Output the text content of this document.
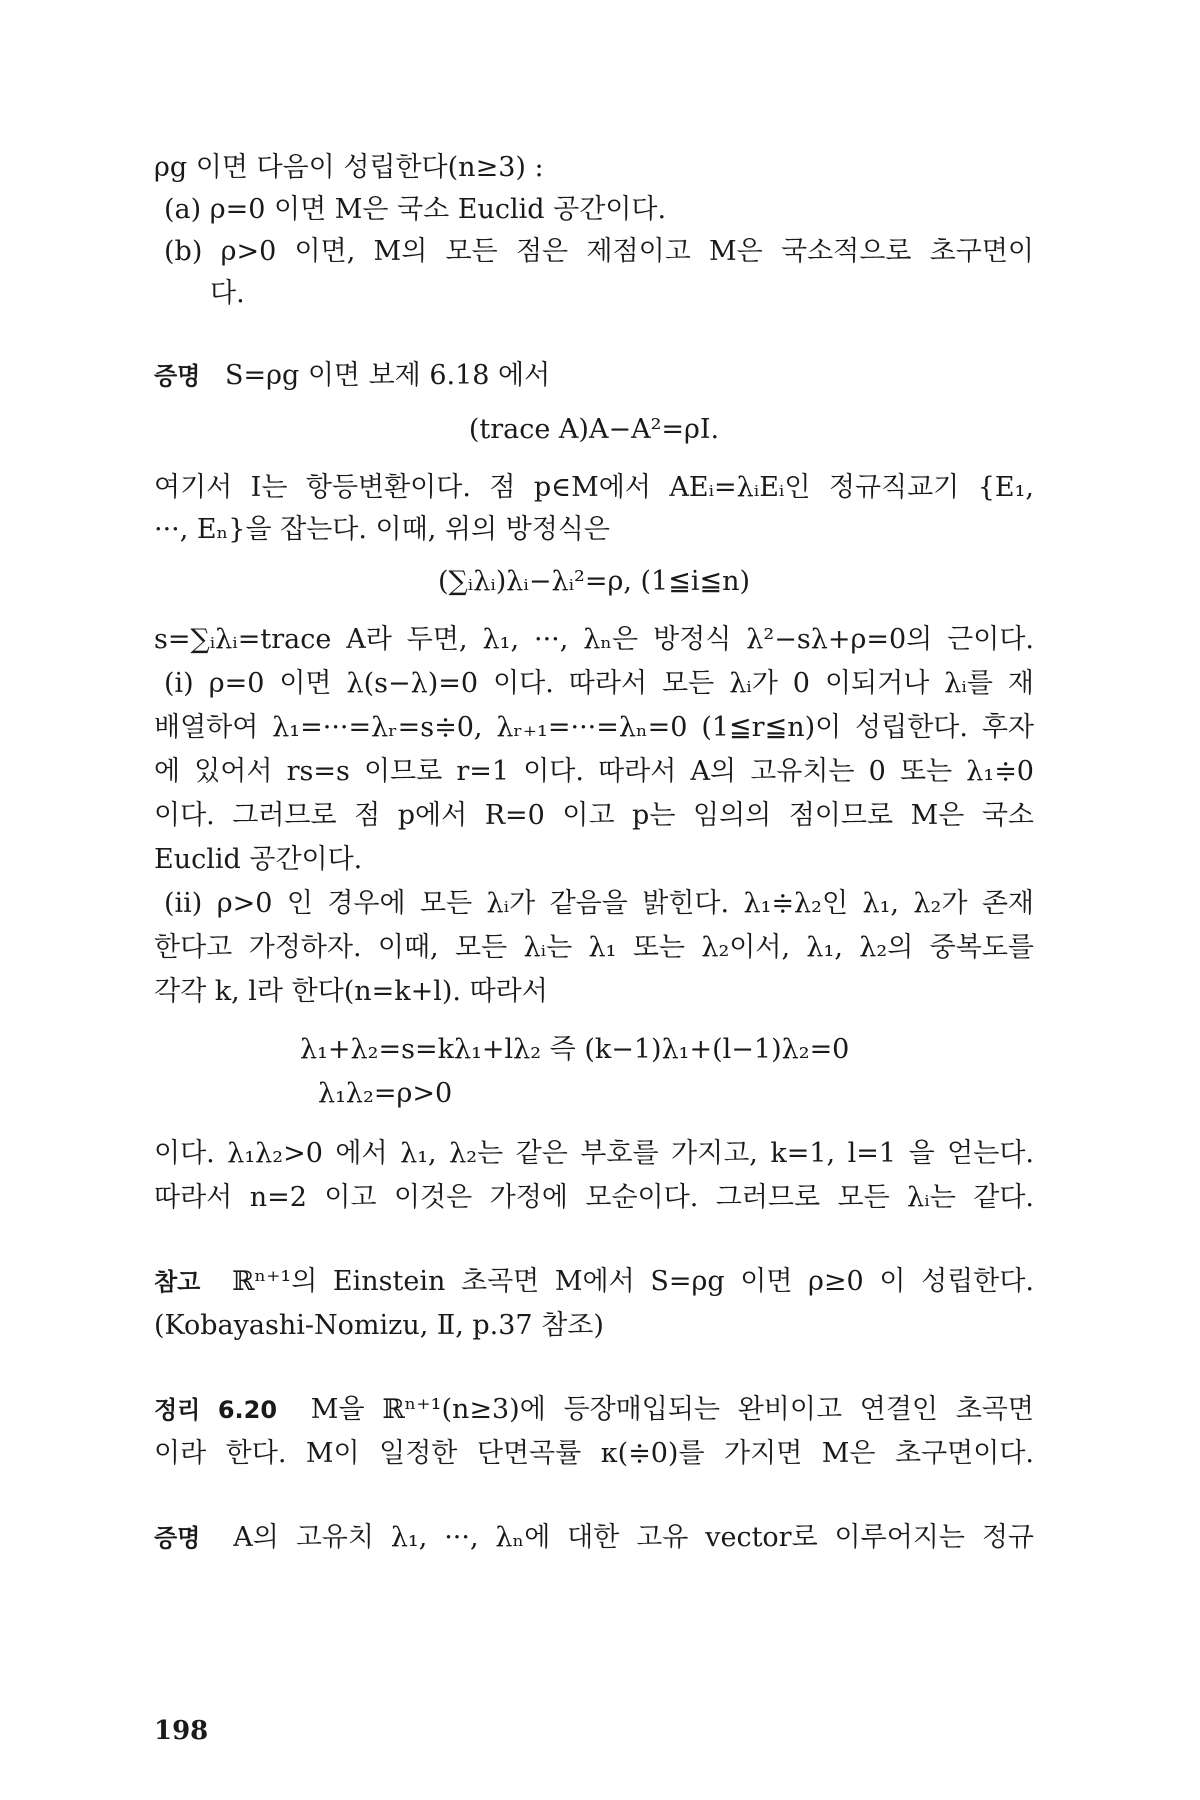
ρg 이면 다음이 성립한다(n≥3) :
(a) ρ=0 이면 M은 국소 Euclid 공간이다.
(b) ρ>0 이면, M의 모든 점은 제점이고 M은 국소적으로 초구면이
다.
증명 S=ρg 이면 보제 6.18 에서
(trace A)A−A²=ρI.
여기서 I는 항등변환이다. 점 p∈M에서 AEᵢ=λᵢEᵢ인 정규직교기 {E₁,
···, Eₙ}을 잡는다. 이때, 위의 방정식은
(∑ᵢλᵢ)λᵢ−λᵢ²=ρ, (1≦i≦n)
s=∑ᵢλᵢ=trace A라 두면, λ₁, ···, λₙ은 방정식 λ²−sλ+ρ=0의 근이다.
(i) ρ=0 이면 λ(s−λ)=0 이다. 따라서 모든 λᵢ가 0 이되거나 λᵢ를 재
배열하여 λ₁=···=λᵣ=s≑0, λᵣ₊₁=···=λₙ=0 (1≦r≦n)이 성립한다. 후자
에 있어서 rs=s 이므로 r=1 이다. 따라서 A의 고유치는 0 또는 λ₁≑0
이다. 그러므로 점 p에서 R=0 이고 p는 임의의 점이므로 M은 국소
Euclid 공간이다.
(ii) ρ>0 인 경우에 모든 λᵢ가 같음을 밝힌다. λ₁≑λ₂인 λ₁, λ₂가 존재
한다고 가정하자. 이때, 모든 λᵢ는 λ₁ 또는 λ₂이서, λ₁, λ₂의 중복도를
각각 k, l라 한다(n=k+l). 따라서
λ₁+λ₂=s=kλ₁+lλ₂ 즉 (k−1)λ₁+(l−1)λ₂=0
λ₁λ₂=ρ>0
이다. λ₁λ₂>0 에서 λ₁, λ₂는 같은 부호를 가지고, k=1, l=1 을 얻는다.
따라서 n=2 이고 이것은 가정에 모순이다. 그러므로 모든 λᵢ는 같다.
참고 ℝⁿ⁺¹의 Einstein 초곡면 M에서 S=ρg 이면 ρ≥0 이 성립한다.
(Kobayashi-Nomizu, Ⅱ, p.37 참조)
정리 6.20 M을 ℝⁿ⁺¹(n≥3)에 등장매입되는 완비이고 연결인 초곡면
이라 한다. M이 일정한 단면곡률 κ(≑0)를 가지면 M은 초구면이다.
증명 A의 고유치 λ₁, ···, λₙ에 대한 고유 vector로 이루어지는 정규
198
